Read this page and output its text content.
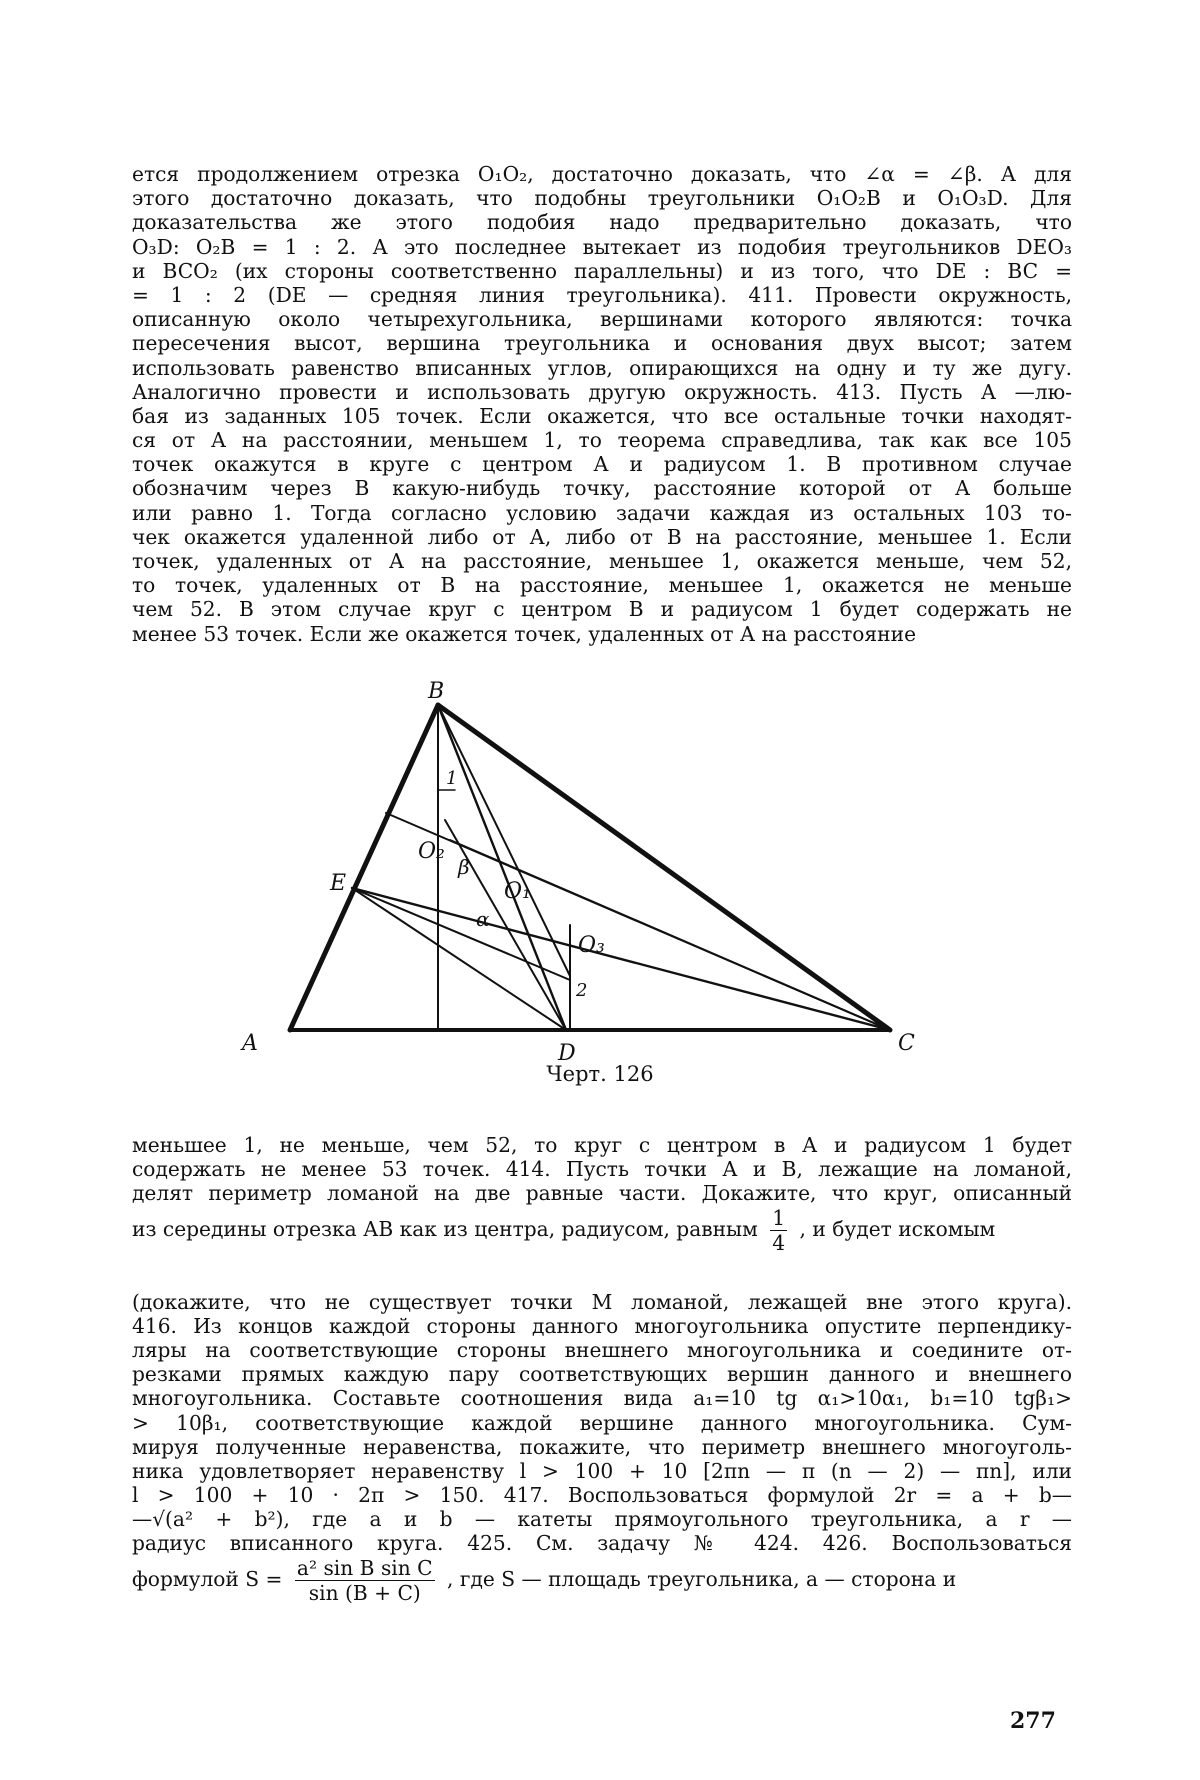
ется продолжением отрезка O₁O₂, достаточно доказать, что ∠α = ∠β. А для
этого достаточно доказать, что подобны треугольники O₁O₂B и O₁O₃D. Для
доказательства же этого подобия надо предварительно доказать, что
O₃D: O₂B = 1 : 2. А это последнее вытекает из подобия треугольников DEO₃
и BCO₂ (их стороны соответственно параллельны) и из того, что DE : BC =
= 1 : 2 (DE — средняя линия треугольника). 411. Провести окружность,
описанную около четырехугольника, вершинами которого являются: точка
пересечения высот, вершина треугольника и основания двух высот; затем
использовать равенство вписанных углов, опирающихся на одну и ту же дугу.
Аналогично провести и использовать другую окружность. 413. Пусть А —лю-
бая из заданных 105 точек. Если окажется, что все остальные точки находят-
ся от А на расстоянии, меньшем 1, то теорема справедлива, так как все 105
точек окажутся в круге с центром А и радиусом 1. В противном случае
обозначим через В какую-нибудь точку, расстояние которой от А больше
или равно 1. Тогда согласно условию задачи каждая из остальных 103 то-
чек окажется удаленной либо от А, либо от В на расстояние, меньшее 1. Если
точек, удаленных от А на расстояние, меньшее 1, окажется меньше, чем 52,
то точек, удаленных от В на расстояние, меньшее 1, окажется не меньше
чем 52. В этом случае круг с центром В и радиусом 1 будет содержать не
менее 53 точек. Если же окажется точек, удаленных от А на расстояние
A
B
C
D
E	O₁
O₂
O₃
α
β
1
2
Черт. 126
меньшее 1, не меньше, чем 52, то круг с центром в А и радиусом 1 будет
содержать не менее 53 точек. 414. Пусть точки А и В, лежащие на ломаной,
делят периметр ломаной на две равные части. Докажите, что круг, описанный
из середины отрезка АВ как из центра, радиусом, равным $\frac{1}{4}$ , и будет искомым
(докажите, что не существует точки М ломаной, лежащей вне этого круга).
416. Из концов каждой стороны данного многоугольника опустите перпендику-
ляры на соответствующие стороны внешнего многоугольника и соедините от-
резками прямых каждую пару соответствующих вершин данного и внешнего
многоугольника. Составьте соотношения вида a₁=10 tg α₁>10α₁, b₁=10 tgβ₁>
> 10β₁, соответствующие каждой вершине данного многоугольника. Сум-
мируя полученные неравенства, покажите, что периметр внешнего многоуголь-
ника удовлетворяет неравенству l > 100 + 10 [2πn — π (n — 2) — πn], или
l > 100 + 10 · 2π > 150. 417. Воспользоваться формулой 2r = a + b—
—√(a² + b²), где a и b — катеты прямоугольного треугольника, a r —
радиус вписанного круга. 425. См. задачу № 424. 426. Воспользоваться
формулой $S = \frac{\text{a² sin B sin C}}{\sin (B + C)}$ , где S — площадь треугольника, a — сторона и
277
